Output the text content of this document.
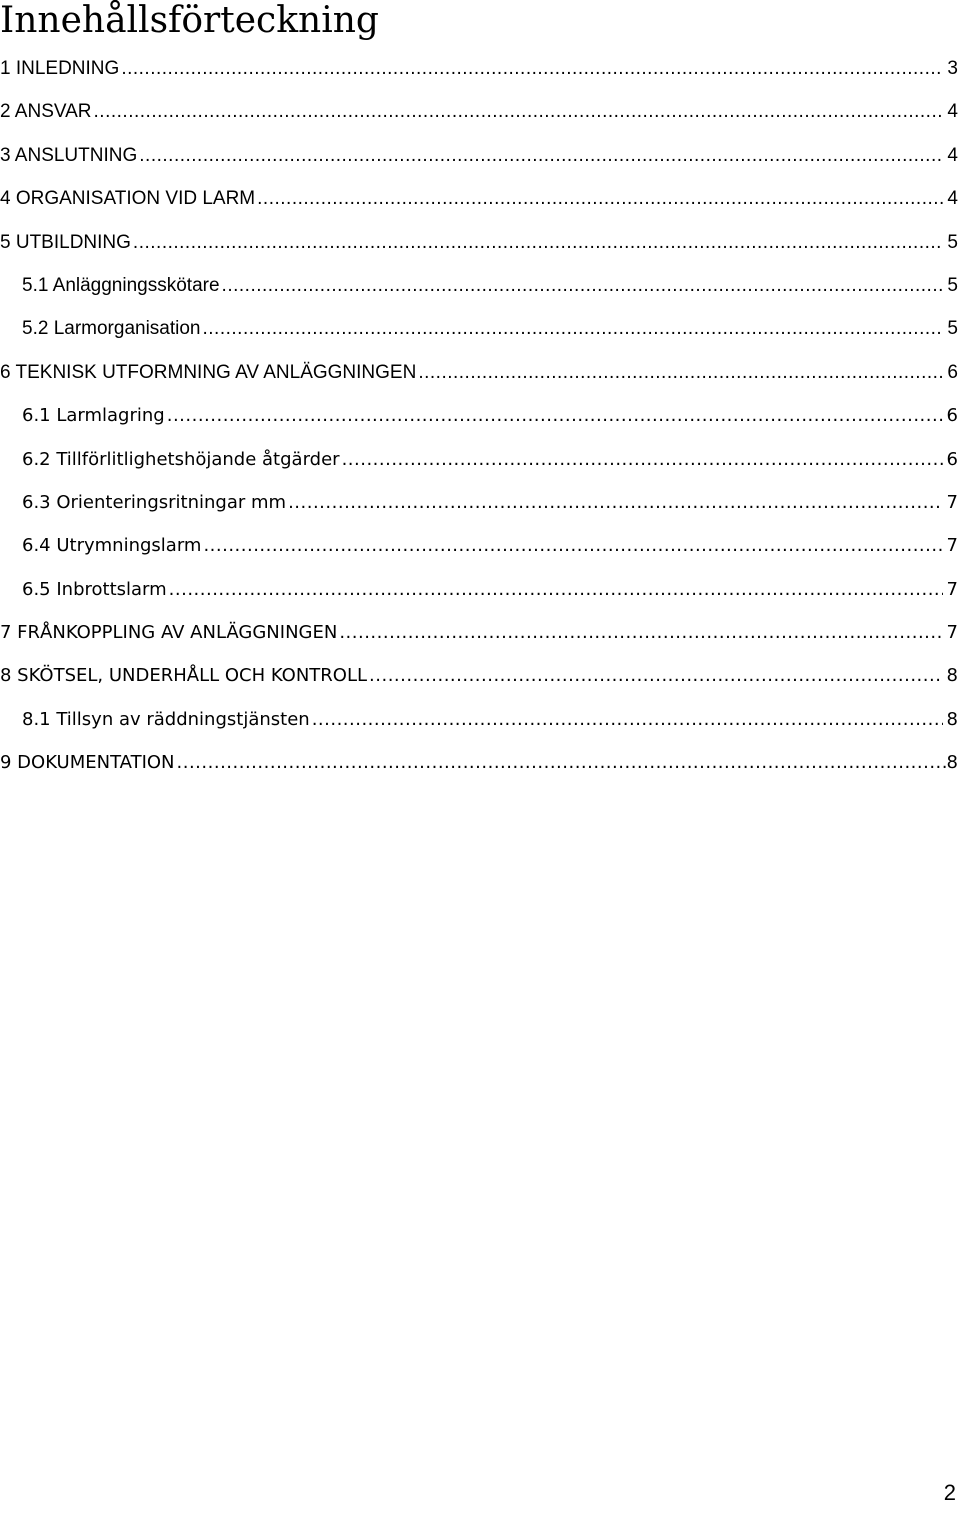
Innehållsförteckning
1 INLEDNING .....	3
2 ANSVAR .....	4
3 ANSLUTNING .....	4
4 ORGANISATION VID LARM .....	4
5 UTBILDNING .....	5
5.1 Anläggningsskötare .....	5
5.2 Larmorganisation .....	5
6 TEKNISK UTFORMNING AV ANLÄGGNINGEN .....	6
6.1 Larmlagring .....	6
6.2 Tillförlitlighetshöjande åtgärder .....	6
6.3 Orienteringsritningar mm .....	7
6.4 Utrymningslarm .....	7
6.5 Inbrottslarm .....	7
7 FRÅNKOPPLING AV ANLÄGGNINGEN .....	7
8 SKÖTSEL, UNDERHÅLL OCH KONTROLL .....	8
8.1 Tillsyn av räddningstjänsten .....	8
9 DOKUMENTATION .....	8
2
